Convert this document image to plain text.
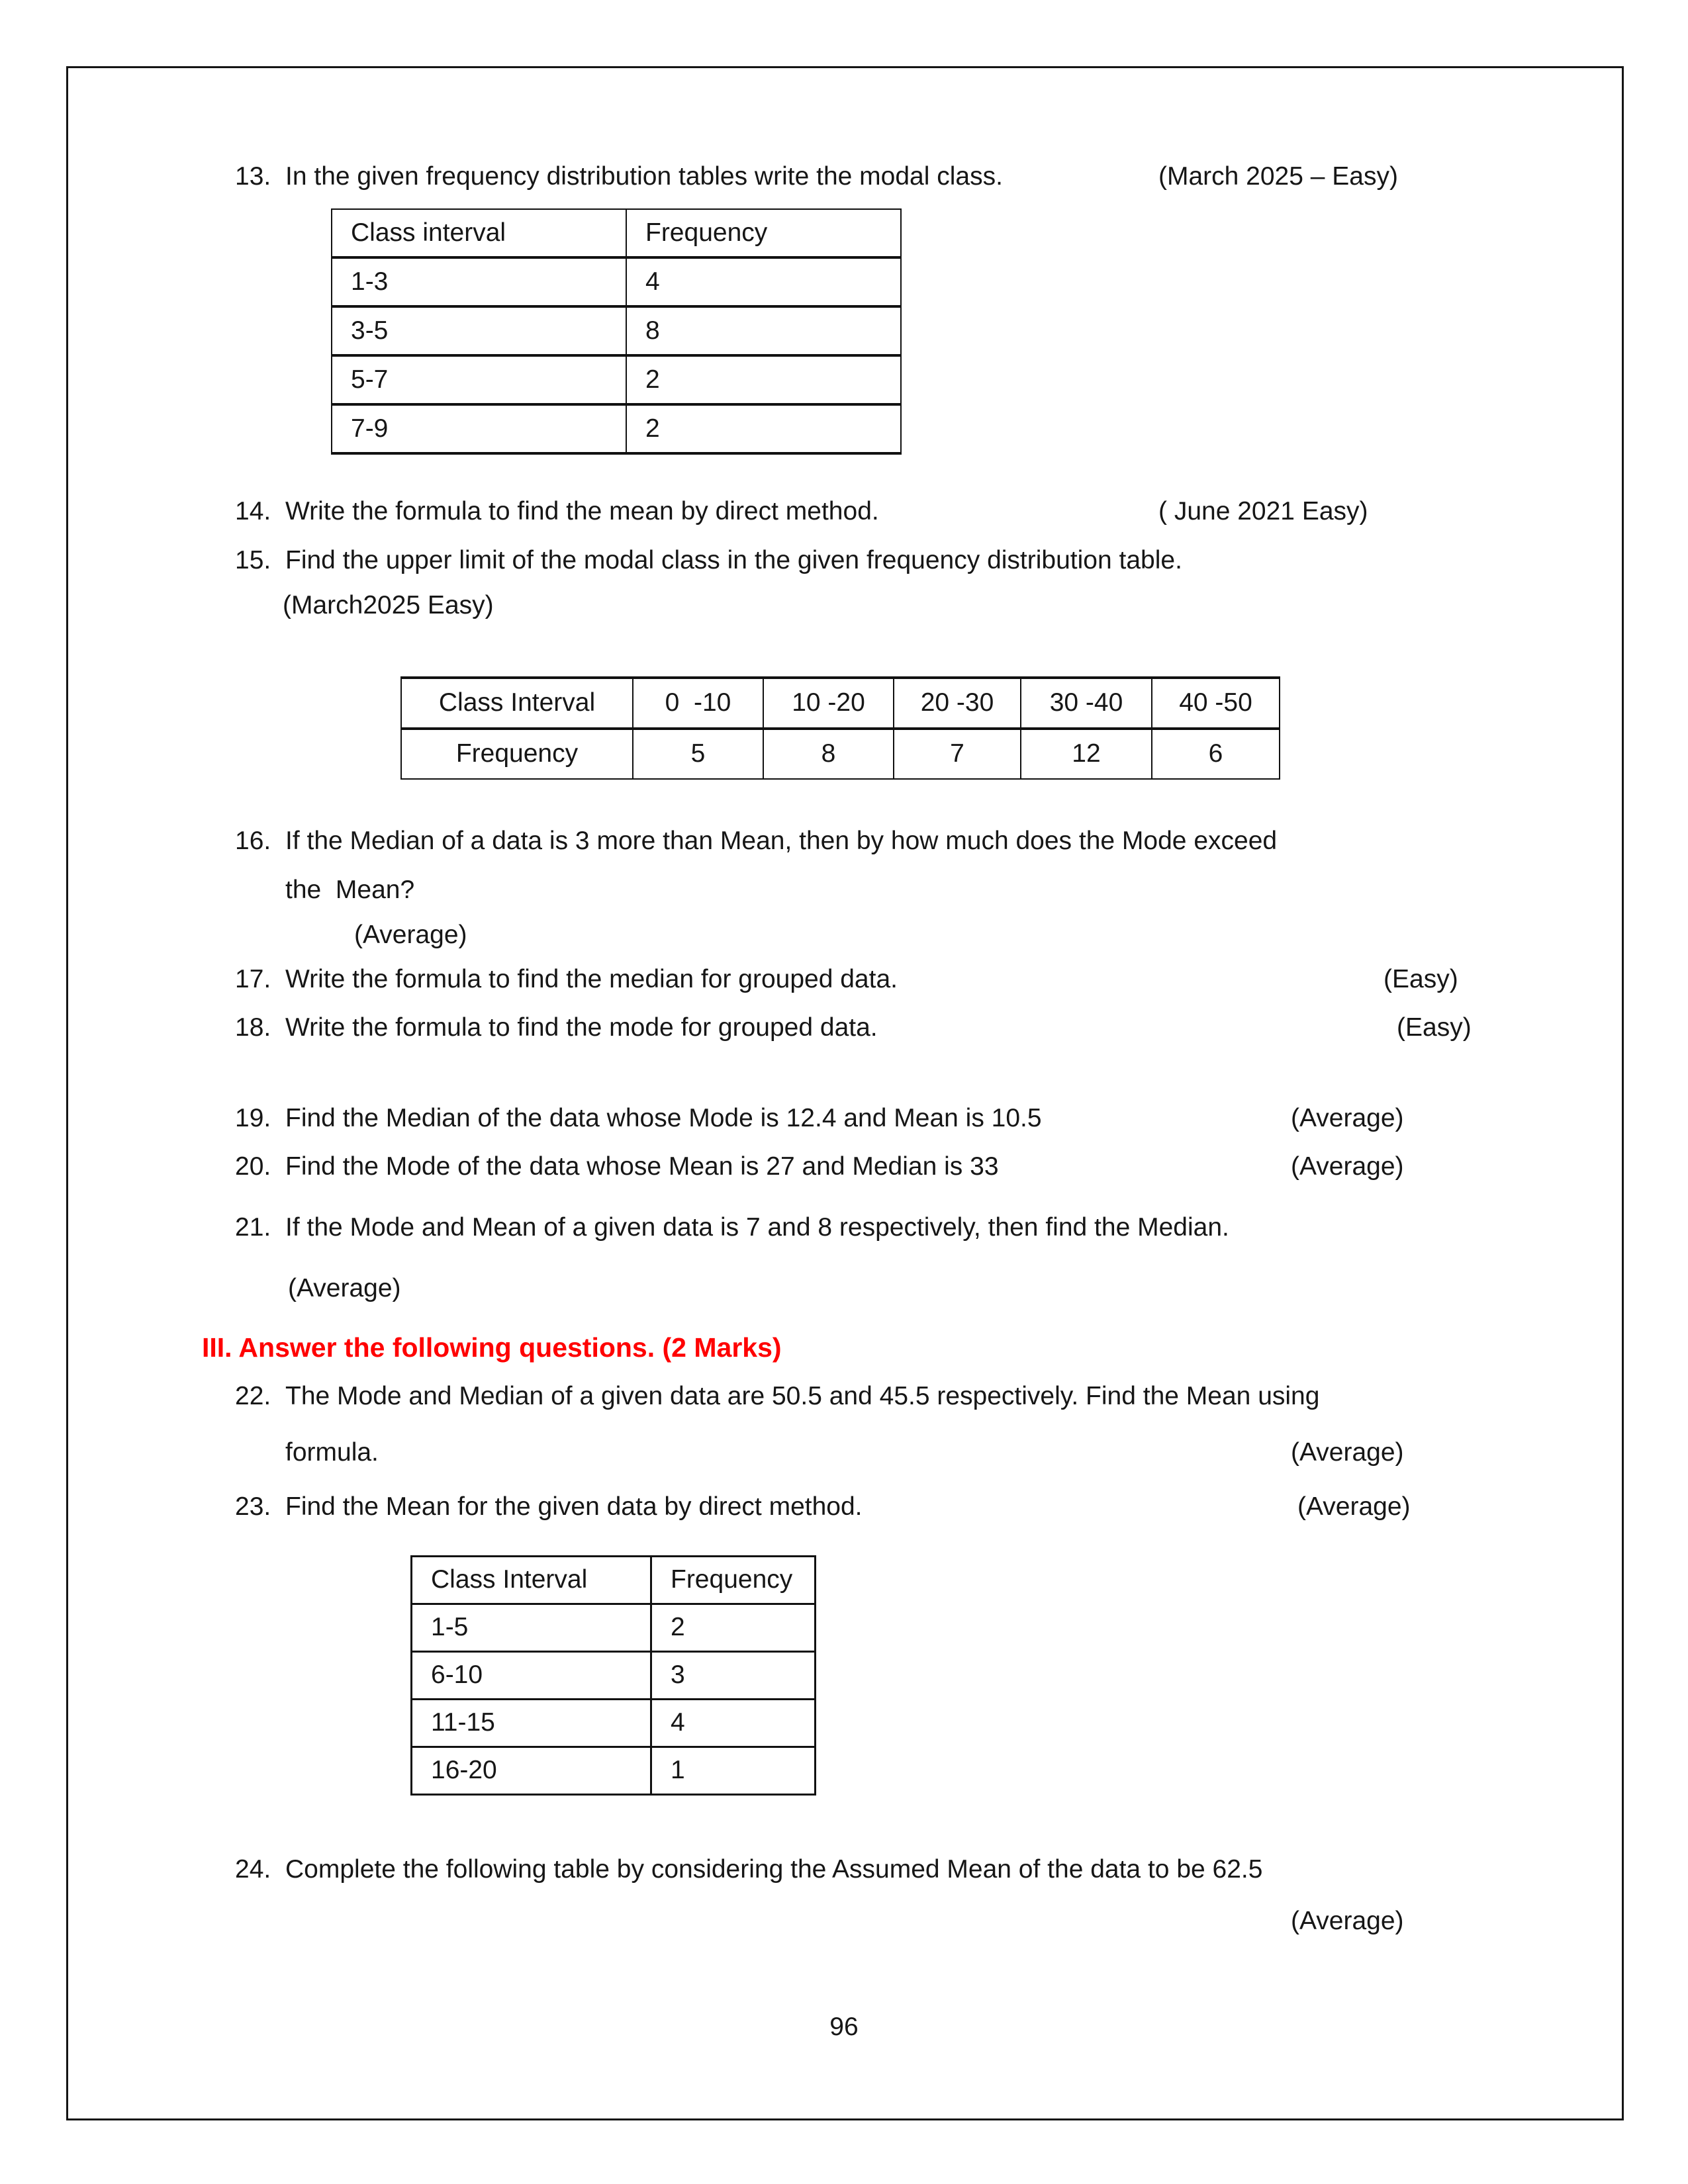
13. In the given frequency distribution tables write the modal class.	(March 2025 – Easy)
Class interval	Frequency
1-3	4
3-5	8
5-7	2
7-9	2
14. Write the formula to find the mean by direct method.	( June 2021 Easy)
15. Find the upper limit of the modal class in the given frequency distribution table.
(March2025 Easy)
Class Interval	0  -10	10 -20	20 -30	30 -40	40 -50
Frequency	5	8	7	12	6
16. If the Median of a data is 3 more than Mean, then by how much does the Mode exceed
the  Mean?
(Average)
17. Write the formula to find the median for grouped data.	(Easy)
18. Write the formula to find the mode for grouped data.	(Easy)
19. Find the Median of the data whose Mode is 12.4 and Mean is 10.5	(Average)
20. Find the Mode of the data whose Mean is 27 and Median is 33	(Average)
21. If the Mode and Mean of a given data is 7 and 8 respectively, then find the Median.
(Average)
III. Answer the following questions. (2 Marks)
22. The Mode and Median of a given data are 50.5 and 45.5 respectively. Find the Mean using
formula.	(Average)
23. Find the Mean for the given data by direct method.	(Average)
Class Interval	Frequency
1-5	2
6-10	3
11-15	4
16-20	1
24. Complete the following table by considering the Assumed Mean of the data to be 62.5
(Average)
96
